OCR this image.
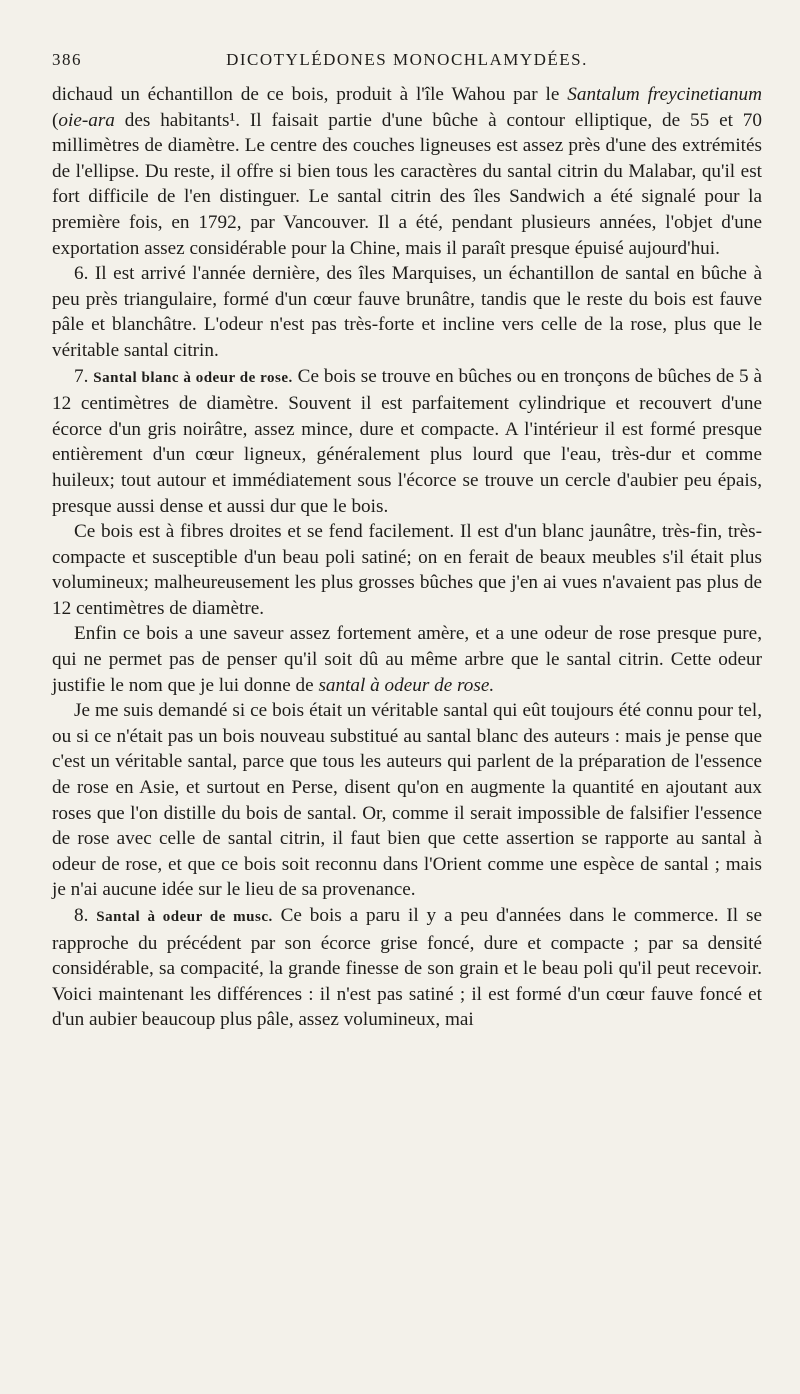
386	DICOTYLÉDONES MONOCHLAMYDÉES.

dichaud un échantillon de ce bois, produit à l'île Wahou par le Santalum freycinetianum (oie-ara des habitants¹. Il faisait partie d'une bûche à contour elliptique, de 55 et 70 millimètres de diamètre. Le centre des couches ligneuses est assez près d'une des extrémités de l'ellipse. Du reste, il offre si bien tous les caractères du santal citrin du Malabar, qu'il est fort difficile de l'en distinguer. Le santal citrin des îles Sandwich a été signalé pour la première fois, en 1792, par Vancouver. Il a été, pendant plusieurs années, l'objet d'une exportation assez considérable pour la Chine, mais il paraît presque épuisé aujourd'hui.

6. Il est arrivé l'année dernière, des îles Marquises, un échantillon de santal en bûche à peu près triangulaire, formé d'un cœur fauve brunâtre, tandis que le reste du bois est fauve pâle et blanchâtre. L'odeur n'est pas très-forte et incline vers celle de la rose, plus que le véritable santal citrin.

7. Santal blanc à odeur de rose. Ce bois se trouve en bûches ou en tronçons de bûches de 5 à 12 centimètres de diamètre. Souvent il est parfaitement cylindrique et recouvert d'une écorce d'un gris noirâtre, assez mince, dure et compacte. A l'intérieur il est formé presque entièrement d'un cœur ligneux, généralement plus lourd que l'eau, très-dur et comme huileux; tout autour et immédiatement sous l'écorce se trouve un cercle d'aubier peu épais, presque aussi dense et aussi dur que le bois.

Ce bois est à fibres droites et se fend facilement. Il est d'un blanc jaunâtre, très-fin, très-compacte et susceptible d'un beau poli satiné; on en ferait de beaux meubles s'il était plus volumineux; malheureusement les plus grosses bûches que j'en ai vues n'avaient pas plus de 12 centimètres de diamètre.

Enfin ce bois a une saveur assez fortement amère, et a une odeur de rose presque pure, qui ne permet pas de penser qu'il soit dû au même arbre que le santal citrin. Cette odeur justifie le nom que je lui donne de santal à odeur de rose.

Je me suis demandé si ce bois était un véritable santal qui eût toujours été connu pour tel, ou si ce n'était pas un bois nouveau substitué au santal blanc des auteurs : mais je pense que c'est un véritable santal, parce que tous les auteurs qui parlent de la préparation de l'essence de rose en Asie, et surtout en Perse, disent qu'on en augmente la quantité en ajoutant aux roses que l'on distille du bois de santal. Or, comme il serait impossible de falsifier l'essence de rose avec celle de santal citrin, il faut bien que cette assertion se rapporte au santal à odeur de rose, et que ce bois soit reconnu dans l'Orient comme une espèce de santal ; mais je n'ai aucune idée sur le lieu de sa provenance.

8. Santal à odeur de musc. Ce bois a paru il y a peu d'années dans le commerce. Il se rapproche du précédent par son écorce grise foncé, dure et compacte ; par sa densité considérable, sa compacité, la grande finesse de son grain et le beau poli qu'il peut recevoir. Voici maintenant les différences : il n'est pas satiné ; il est formé d'un cœur fauve foncé et d'un aubier beaucoup plus pâle, assez volumineux, mai
